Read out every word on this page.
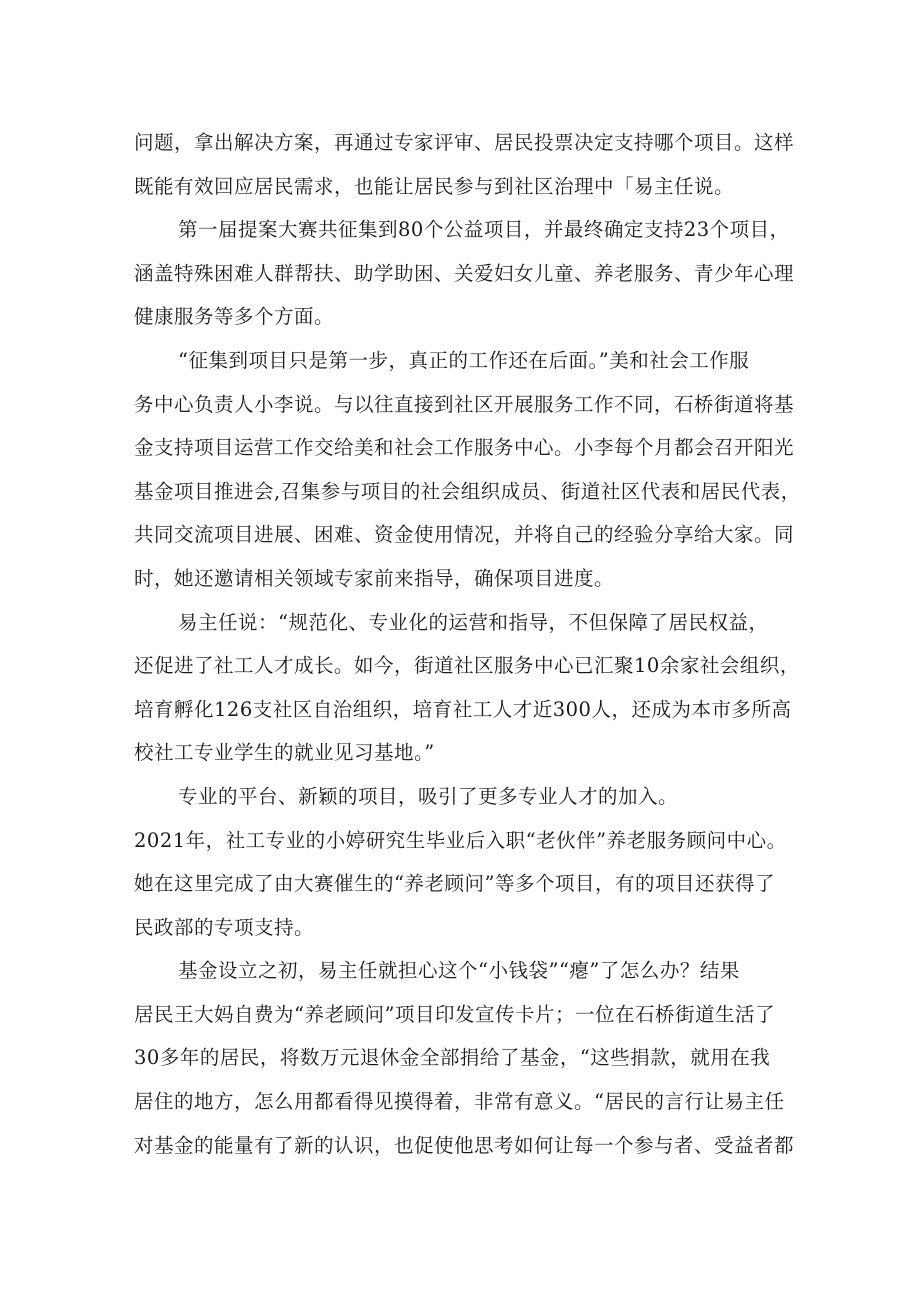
问题，拿出解决方案，再通过专家评审、居民投票决定支持哪个项目。这样
既能有效回应居民需求，也能让居民参与到社区治理中「易主任说。
第一届提案大赛共征集到80个公益项目，并最终确定支持23个项目，
涵盖特殊困难人群帮扶、助学助困、关爱妇女儿童、养老服务、青少年心理
健康服务等多个方面。
“征集到项目只是第一步，真正的工作还在后面。”美和社会工作服
务中心负责人小李说。与以往直接到社区开展服务工作不同，石桥街道将基
金支持项目运营工作交给美和社会工作服务中心。小李每个月都会召开阳光
基金项目推进会,召集参与项目的社会组织成员、街道社区代表和居民代表，
共同交流项目进展、困难、资金使用情况，并将自己的经验分享给大家。同
时，她还邀请相关领域专家前来指导，确保项目进度。
易主任说：“规范化、专业化的运营和指导，不但保障了居民权益，
还促进了社工人才成长。如今，街道社区服务中心已汇聚10余家社会组织，
培育孵化126支社区自治组织，培育社工人才近300人，还成为本市多所高
校社工专业学生的就业见习基地。”
专业的平台、新颖的项目，吸引了更多专业人才的加入。
2021年，社工专业的小婷研究生毕业后入职“老伙伴”养老服务顾问中心。
她在这里完成了由大赛催生的“养老顾问”等多个项目，有的项目还获得了
民政部的专项支持。
基金设立之初，易主任就担心这个“小钱袋”“瘪”了怎么办？结果
居民王大妈自费为“养老顾问”项目印发宣传卡片；一位在石桥街道生活了
30多年的居民，将数万元退休金全部捐给了基金，“这些捐款，就用在我
居住的地方，怎么用都看得见摸得着，非常有意义。“居民的言行让易主任
对基金的能量有了新的认识，也促使他思考如何让每一个参与者、受益者都
